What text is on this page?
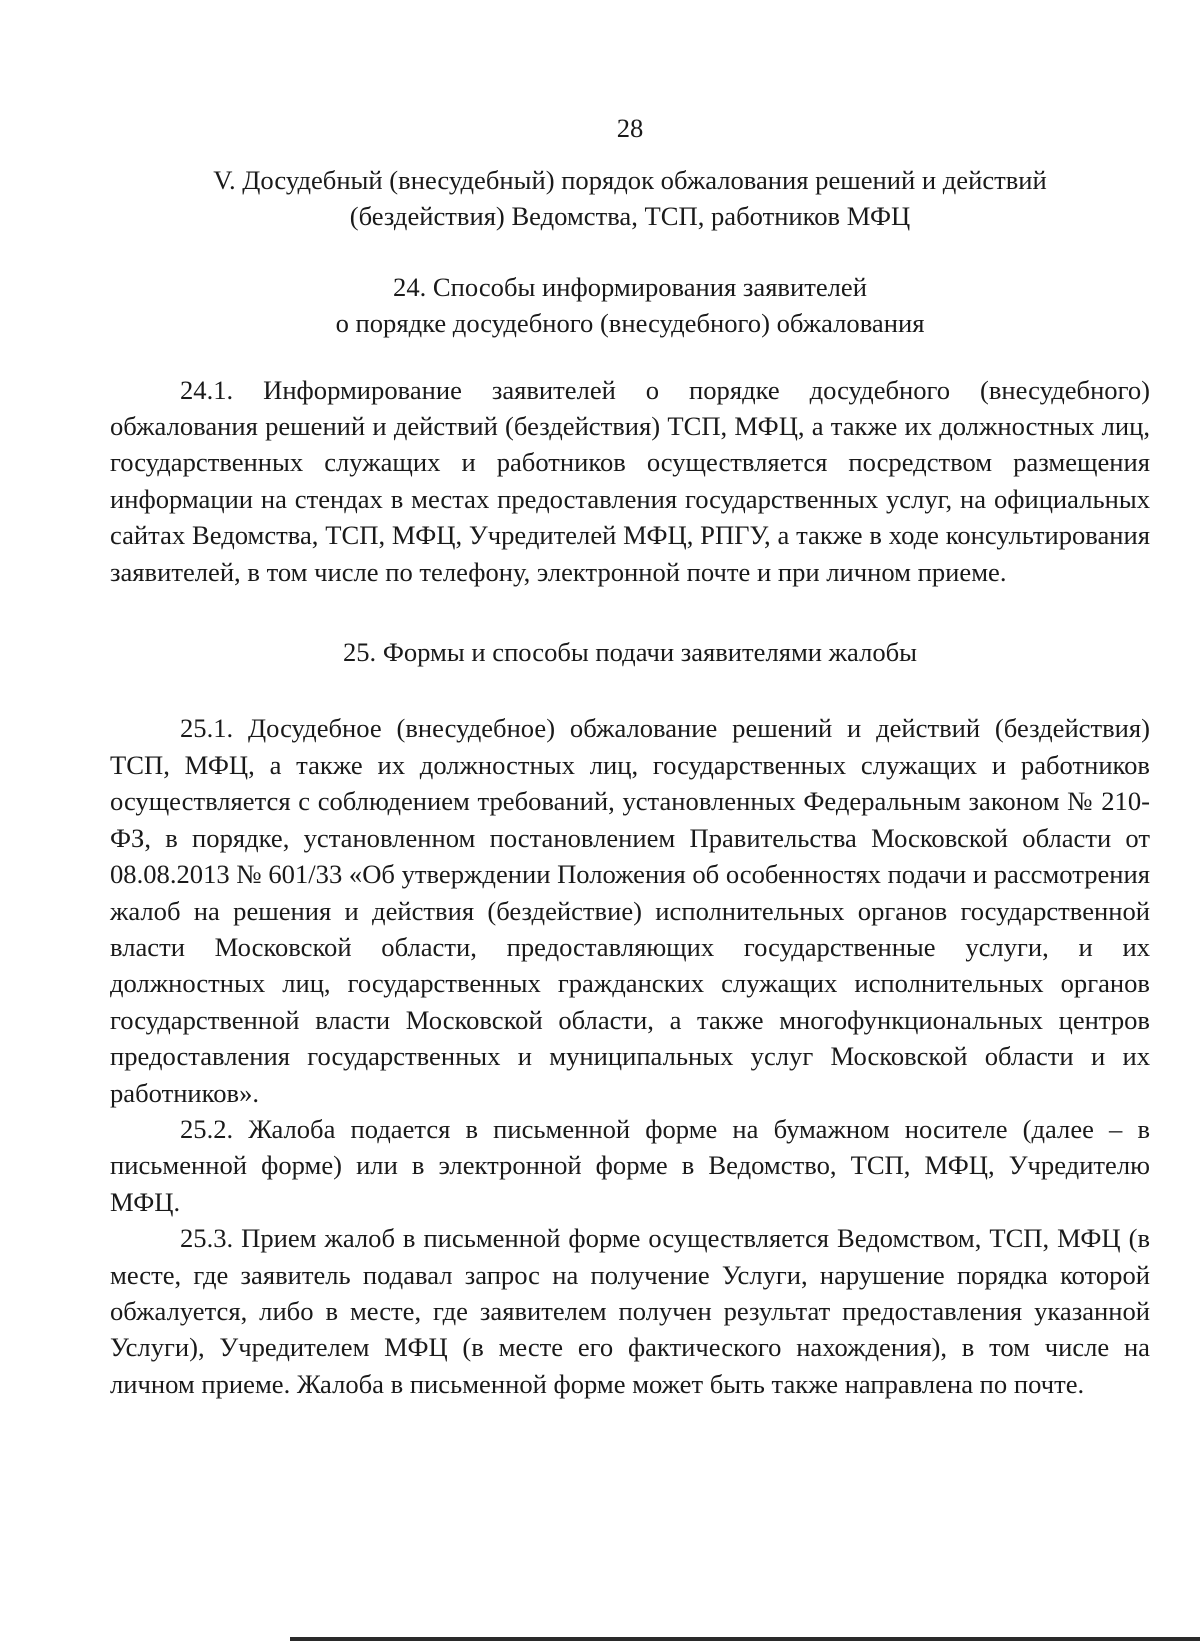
28

V. Досудебный (внесудебный) порядок обжалования решений и действий
(бездействия) Ведомства, ТСП, работников МФЦ
24. Способы информирования заявителей
о порядке досудебного (внесудебного) обжалования

24.1. Информирование заявителей о порядке досудебного (внесудебного) обжалования решений и действий (бездействия) ТСП, МФЦ, а также их должностных лиц, государственных служащих и работников осуществляется посредством размещения информации на стендах в местах предоставления государственных услуг, на официальных сайтах Ведомства, ТСП, МФЦ, Учредителей МФЦ, РПГУ, а также в ходе консультирования заявителей, в том числе по телефону, электронной почте и при личном приеме.

25. Формы и способы подачи заявителями жалобы

25.1. Досудебное (внесудебное) обжалование решений и действий (бездействия) ТСП, МФЦ, а также их должностных лиц, государственных служащих и работников осуществляется с соблюдением требований, установленных Федеральным законом № 210-ФЗ, в порядке, установленном постановлением Правительства Московской области от 08.08.2013 № 601/33 «Об утверждении Положения об особенностях подачи и рассмотрения жалоб на решения и действия (бездействие) исполнительных органов государственной власти Московской области, предоставляющих государственные услуги, и их должностных лиц, государственных гражданских служащих исполнительных органов государственной власти Московской области, а также многофункциональных центров предоставления государственных и муниципальных услуг Московской области и их работников».

25.2. Жалоба подается в письменной форме на бумажном носителе (далее – в письменной форме) или в электронной форме в Ведомство, ТСП, МФЦ, Учредителю МФЦ.

25.3. Прием жалоб в письменной форме осуществляется Ведомством, ТСП, МФЦ (в месте, где заявитель подавал запрос на получение Услуги, нарушение порядка которой обжалуется, либо в месте, где заявителем получен результат предоставления указанной Услуги), Учредителем МФЦ (в месте его фактического нахождения), в том числе на личном приеме. Жалоба в письменной форме может быть также направлена по почте.
